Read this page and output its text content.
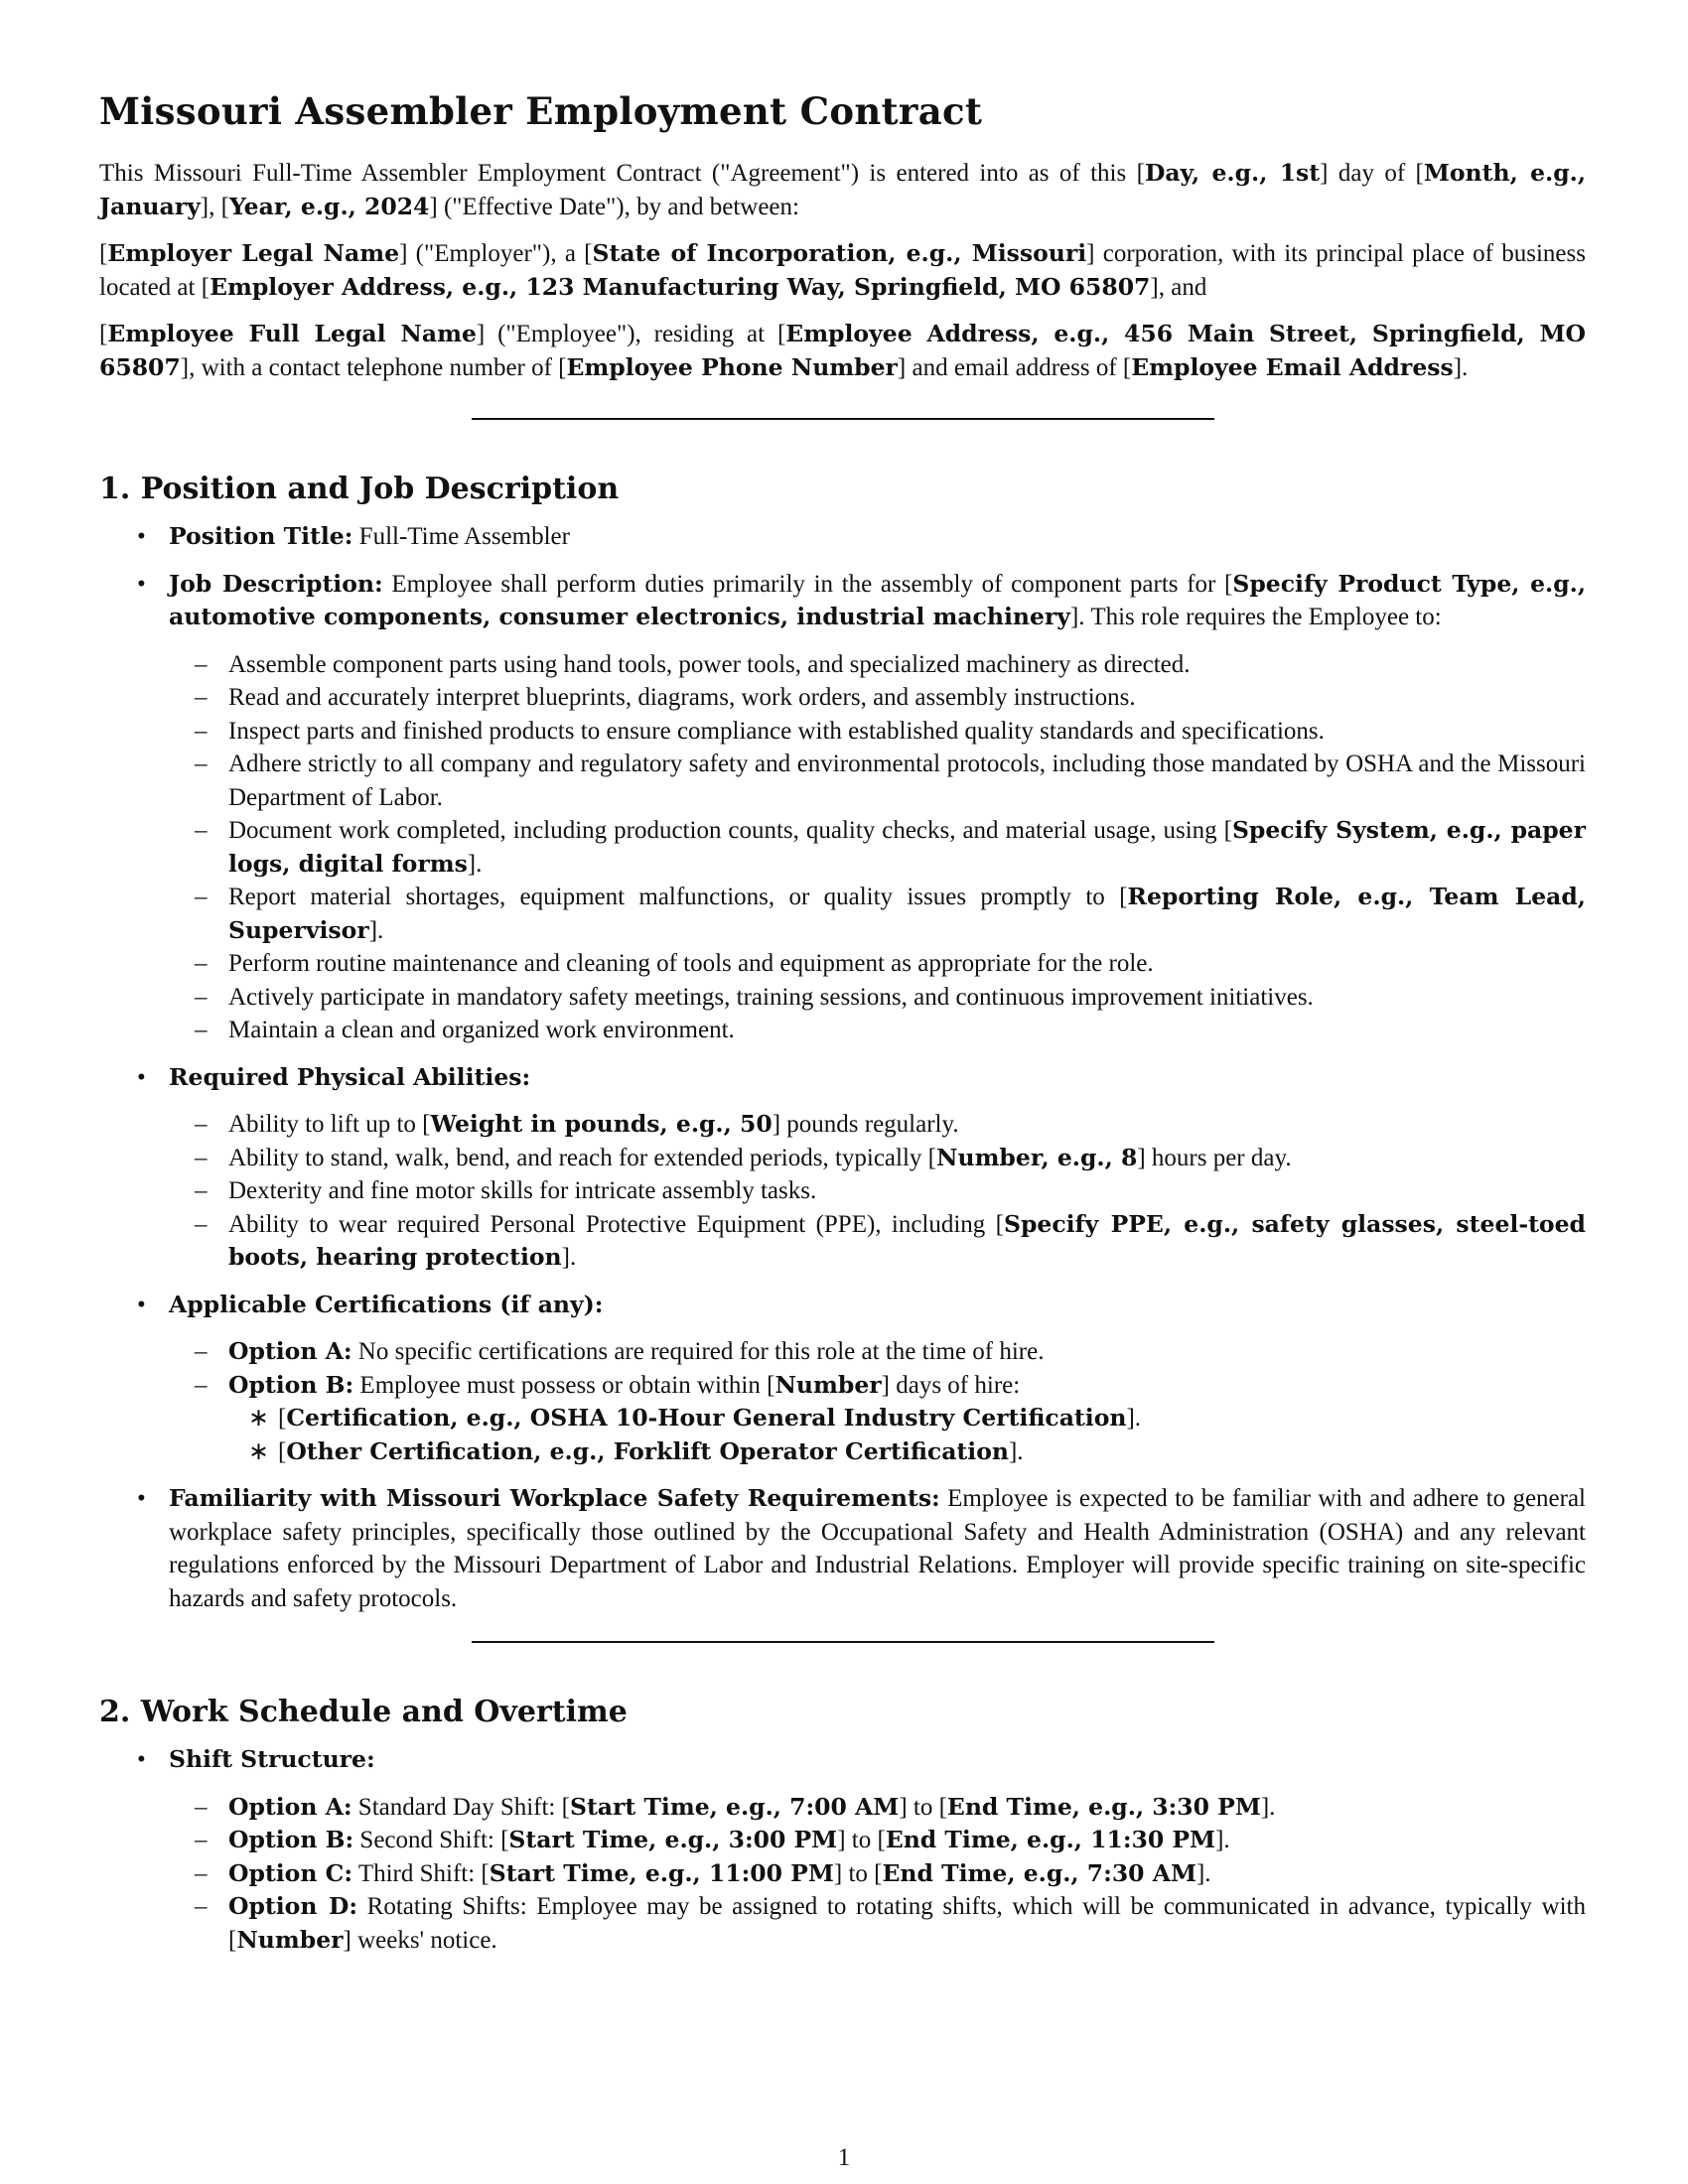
Missouri Assembler Employment Contract

This Missouri Full-Time Assembler Employment Contract ("Agreement") is entered into as of this [Day, e.g., 1st] day of [Month, e.g., January], [Year, e.g., 2024] ("Effective Date"), by and between:

[Employer Legal Name] ("Employer"), a [State of Incorporation, e.g., Missouri] corporation, with its principal place of business located at [Employer Address, e.g., 123 Manufacturing Way, Springfield, MO 65807], and

[Employee Full Legal Name] ("Employee"), residing at [Employee Address, e.g., 456 Main Street, Springfield, MO 65807], with a contact telephone number of [Employee Phone Number] and email address of [Employee Email Address].

1. Position and Job Description
• Position Title: Full-Time Assembler
• Job Description: Employee shall perform duties primarily in the assembly of component parts for [Specify Product Type, e.g., automotive components, consumer electronics, industrial machinery]. This role requires the Employee to:
– Assemble component parts using hand tools, power tools, and specialized machinery as directed.
– Read and accurately interpret blueprints, diagrams, work orders, and assembly instructions.
– Inspect parts and finished products to ensure compliance with established quality standards and specifications.
– Adhere strictly to all company and regulatory safety and environmental protocols, including those mandated by OSHA and the Missouri Department of Labor.
– Document work completed, including production counts, quality checks, and material usage, using [Specify System, e.g., paper logs, digital forms].
– Report material shortages, equipment malfunctions, or quality issues promptly to [Reporting Role, e.g., Team Lead, Supervisor].
– Perform routine maintenance and cleaning of tools and equipment as appropriate for the role.
– Actively participate in mandatory safety meetings, training sessions, and continuous improvement initiatives.
– Maintain a clean and organized work environment.
• Required Physical Abilities:
– Ability to lift up to [Weight in pounds, e.g., 50] pounds regularly.
– Ability to stand, walk, bend, and reach for extended periods, typically [Number, e.g., 8] hours per day.
– Dexterity and fine motor skills for intricate assembly tasks.
– Ability to wear required Personal Protective Equipment (PPE), including [Specify PPE, e.g., safety glasses, steel-toed boots, hearing protection].
• Applicable Certifications (if any):
– Option A: No specific certifications are required for this role at the time of hire.
– Option B: Employee must possess or obtain within [Number] days of hire:
∗ [Certification, e.g., OSHA 10-Hour General Industry Certification].
∗ [Other Certification, e.g., Forklift Operator Certification].
• Familiarity with Missouri Workplace Safety Requirements: Employee is expected to be familiar with and adhere to general workplace safety principles, specifically those outlined by the Occupational Safety and Health Administration (OSHA) and any relevant regulations enforced by the Missouri Department of Labor and Industrial Relations. Employer will provide specific training on site-specific hazards and safety protocols.
2. Work Schedule and Overtime
• Shift Structure:
– Option A: Standard Day Shift: [Start Time, e.g., 7:00 AM] to [End Time, e.g., 3:30 PM].
– Option B: Second Shift: [Start Time, e.g., 3:00 PM] to [End Time, e.g., 11:30 PM].
– Option C: Third Shift: [Start Time, e.g., 11:00 PM] to [End Time, e.g., 7:30 AM].
– Option D: Rotating Shifts: Employee may be assigned to rotating shifts, which will be communicated in advance, typically with [Number] weeks' notice.
1
